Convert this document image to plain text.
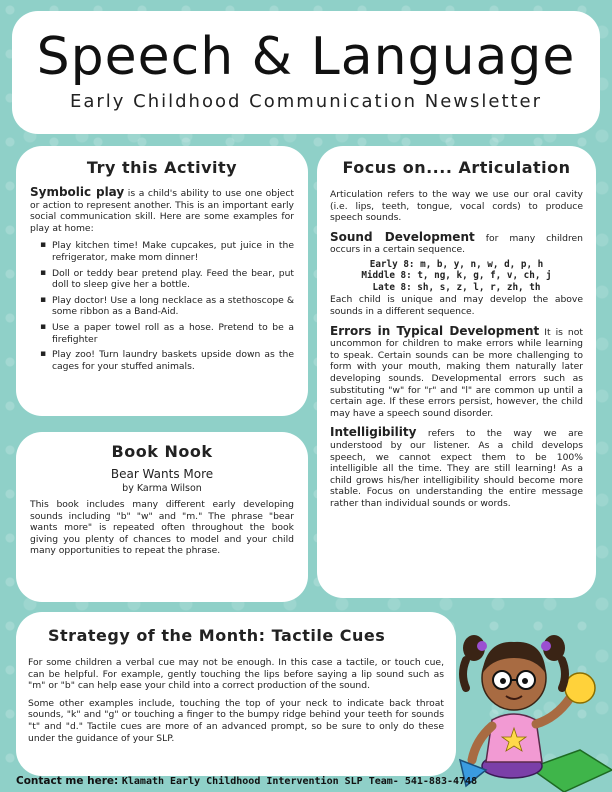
Speech & Language
Early Childhood Communication Newsletter
Try this Activity

Symbolic play is a child's ability to use one object or action to represent another. This is an important early social communication skill. Here are some examples for play at home:

▪ Play kitchen time! Make cupcakes, put juice in the refrigerator, make mom dinner!
▪ Doll or teddy bear pretend play. Feed the bear, put doll to sleep give her a bottle.
▪ Play doctor! Use a long necklace as a stethoscope & some ribbon as a Band-Aid.
▪ Use a paper towel roll as a hose. Pretend to be a firefighter
▪ Play zoo! Turn laundry baskets upside down as the cages for your stuffed animals.
Book Nook
Bear Wants More
by Karma Wilson

This book includes many different early developing sounds including "b" "w" and "m." The phrase "bear wants more" is repeated often throughout the book giving you plenty of chances to model and your child many opportunities to repeat the phrase.

Focus on.... Articulation

Articulation refers to the way we use our oral cavity (i.e. lips, teeth, tongue, vocal cords) to produce speech sounds.

Sound Development for many children occurs in a certain sequence.

Early 8: m, b, y, n, w, d, p, h
Middle 8: t, ng, k, g, f, v, ch, j
Late 8: sh, s, z, l, r, zh, th

Each child is unique and may develop the above sounds in a different sequence.

Errors in Typical Development It is not uncommon for children to make errors while learning to speak. Certain sounds can be more challenging to form with your mouth, making them naturally later developing sounds. Developmental errors such as substituting "w" for "r" and "l" are common up until a certain age. If these errors persist, however, the child may have a speech sound disorder.

Intelligibility refers to the way we are understood by our listener. As a child develops speech, we cannot expect them to be 100% intelligible all the time. They are still learning! As a child grows his/her intelligibility should become more stable. Focus on understanding the entire message rather than individual sounds or words.

Strategy of the Month: Tactile Cues

For some children a verbal cue may not be enough. In this case a tactile, or touch cue, can be helpful. For example, gently touching the lips before saying a lip sound such as "m" or "b" can help ease your child into a correct production of the sound.

Some other examples include, touching the top of your neck to indicate back throat sounds, "k" and "g" or touching a finger to the bumpy ridge behind your teeth for sounds "t" and "d." Tactile cues are more of an advanced prompt, so be sure to only do these under the guidance of your SLP.

Contact me here: Klamath Early Childhood Intervention SLP Team- 541-883-4748
